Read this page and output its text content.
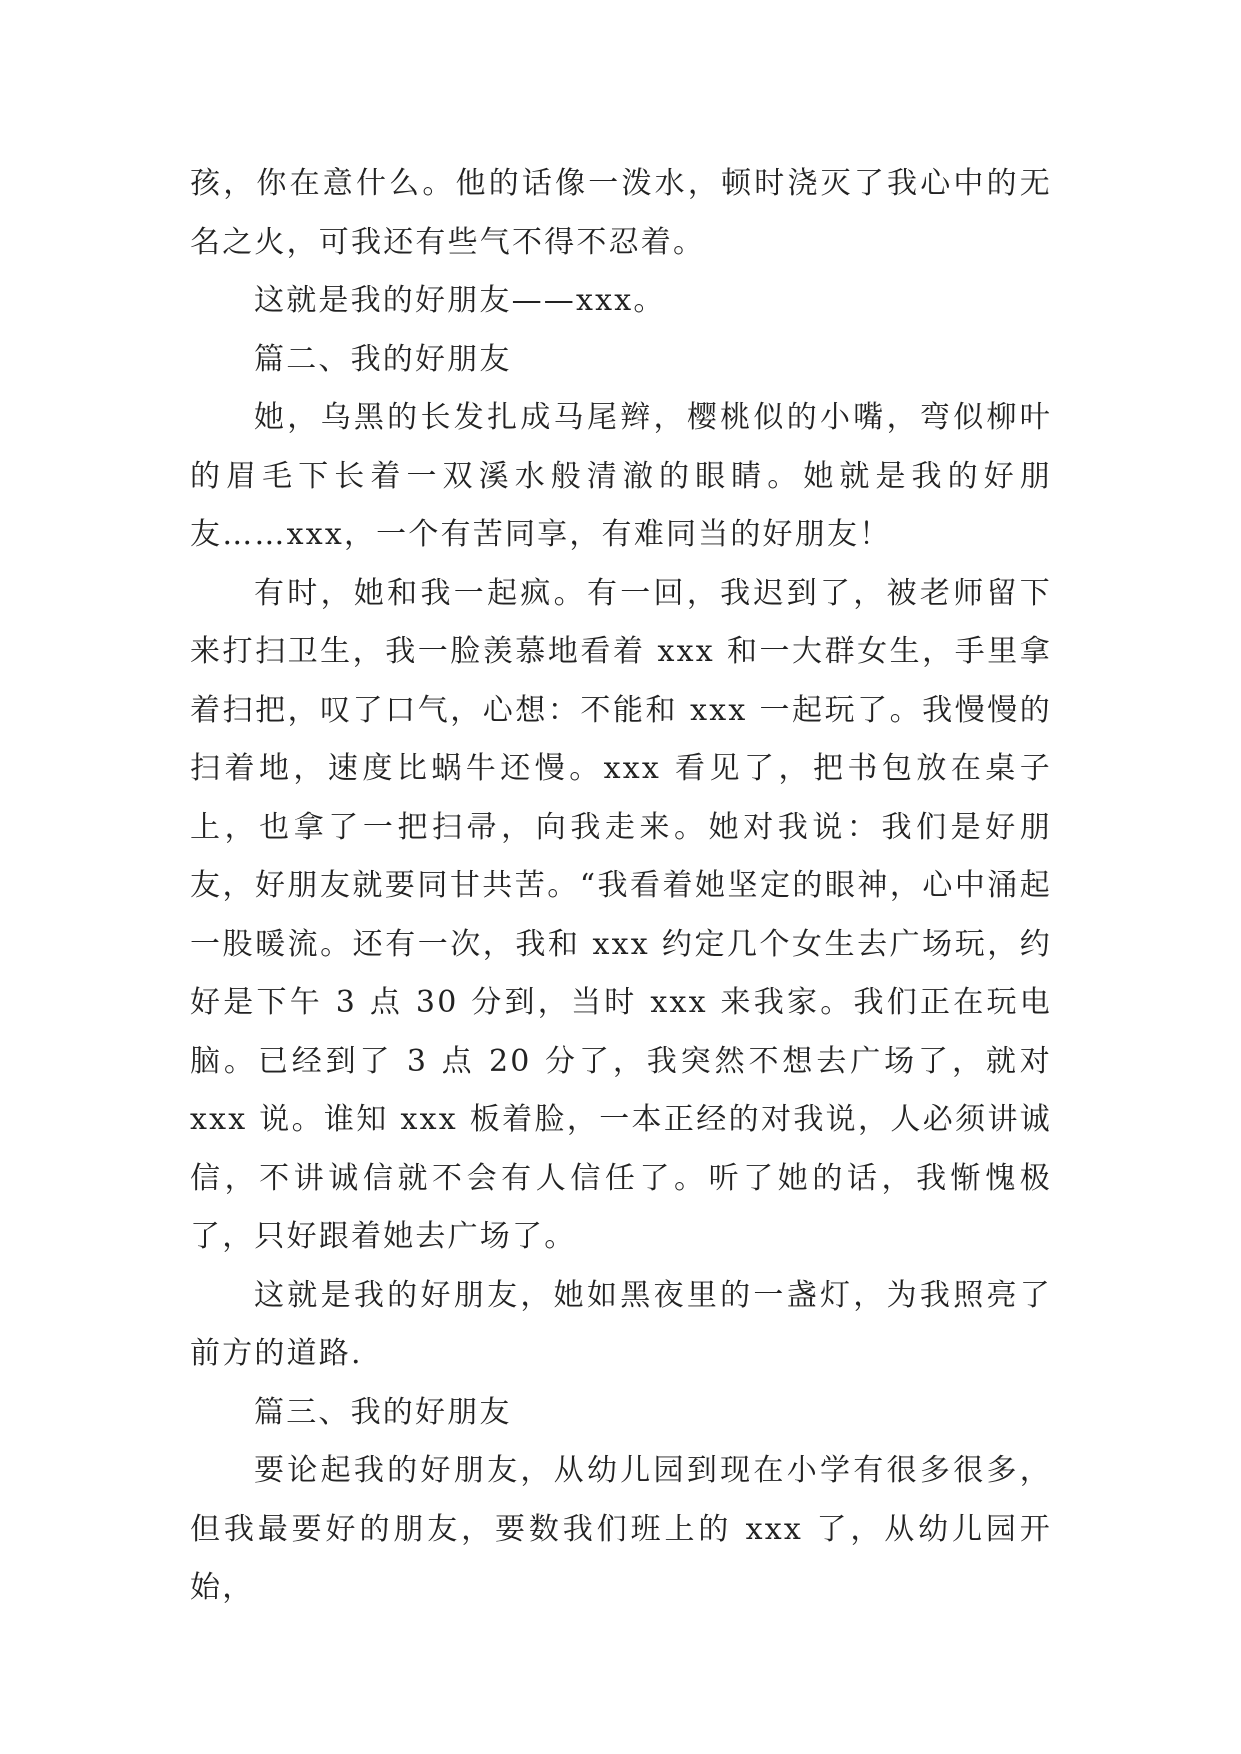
孩，你在意什么。他的话像一泼水，顿时浇灭了我心中的无名之火，可我还有些气不得不忍着。

这就是我的好朋友——xxx。

篇二、我的好朋友

她，乌黑的长发扎成马尾辫，樱桃似的小嘴，弯似柳叶的眉毛下长着一双溪水般清澈的眼睛。她就是我的好朋友……xxx，一个有苦同享，有难同当的好朋友！

有时，她和我一起疯。有一回，我迟到了，被老师留下来打扫卫生，我一脸羡慕地看着 xxx 和一大群女生，手里拿着扫把，叹了口气，心想：不能和 xxx 一起玩了。我慢慢的扫着地，速度比蜗牛还慢。xxx 看见了，把书包放在桌子上，也拿了一把扫帚，向我走来。她对我说：我们是好朋友，好朋友就要同甘共苦。“我看着她坚定的眼神，心中涌起一股暖流。还有一次，我和 xxx 约定几个女生去广场玩，约好是下午 3 点 30 分到，当时 xxx 来我家。我们正在玩电脑。已经到了 3 点 20 分了，我突然不想去广场了，就对 xxx 说。谁知 xxx 板着脸，一本正经的对我说，人必须讲诚信，不讲诚信就不会有人信任了。听了她的话，我惭愧极了，只好跟着她去广场了。

这就是我的好朋友，她如黑夜里的一盏灯，为我照亮了前方的道路.

篇三、我的好朋友

要论起我的好朋友，从幼儿园到现在小学有很多很多，但我最要好的朋友，要数我们班上的 xxx 了，从幼儿园开始，
